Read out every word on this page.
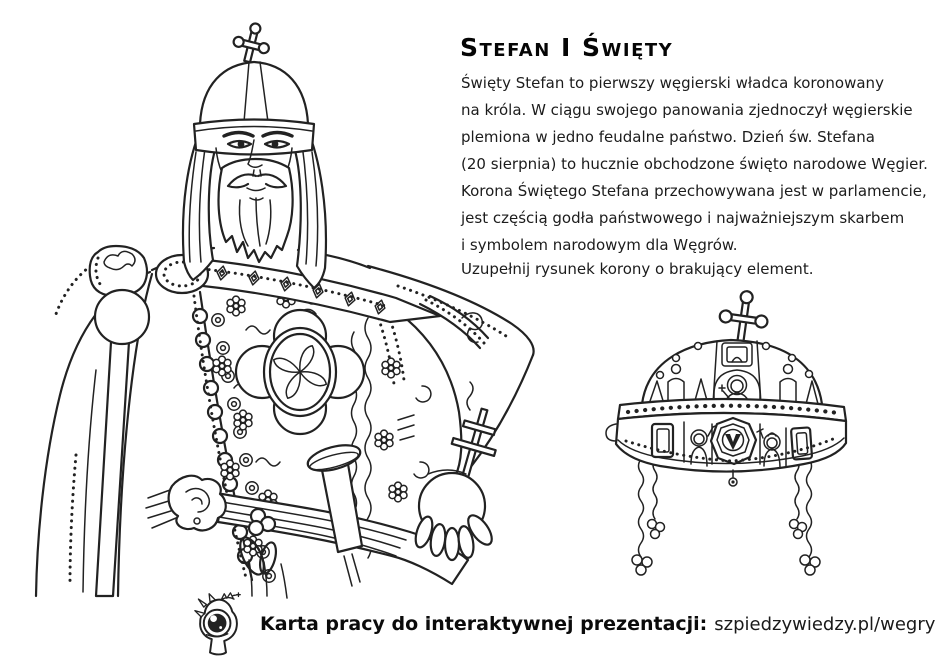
Stefan I Święty
Święty Stefan to pierwszy węgierski władca koronowany
na króla. W ciągu swojego panowania zjednoczył węgierskie
plemiona w jedno feudalne państwo. Dzień św. Stefana
(20 sierpnia) to hucznie obchodzone święto narodowe Węgier.
Korona Świętego Stefana przechowywana jest w parlamencie,
jest częścią godła państwowego i najważniejszym skarbem
i symbolem narodowym dla Węgrów.
Uzupełnij rysunek korony o brakujący element.
Karta pracy do interaktywnej prezentacji: szpiedzywiedzy.pl/wegry
